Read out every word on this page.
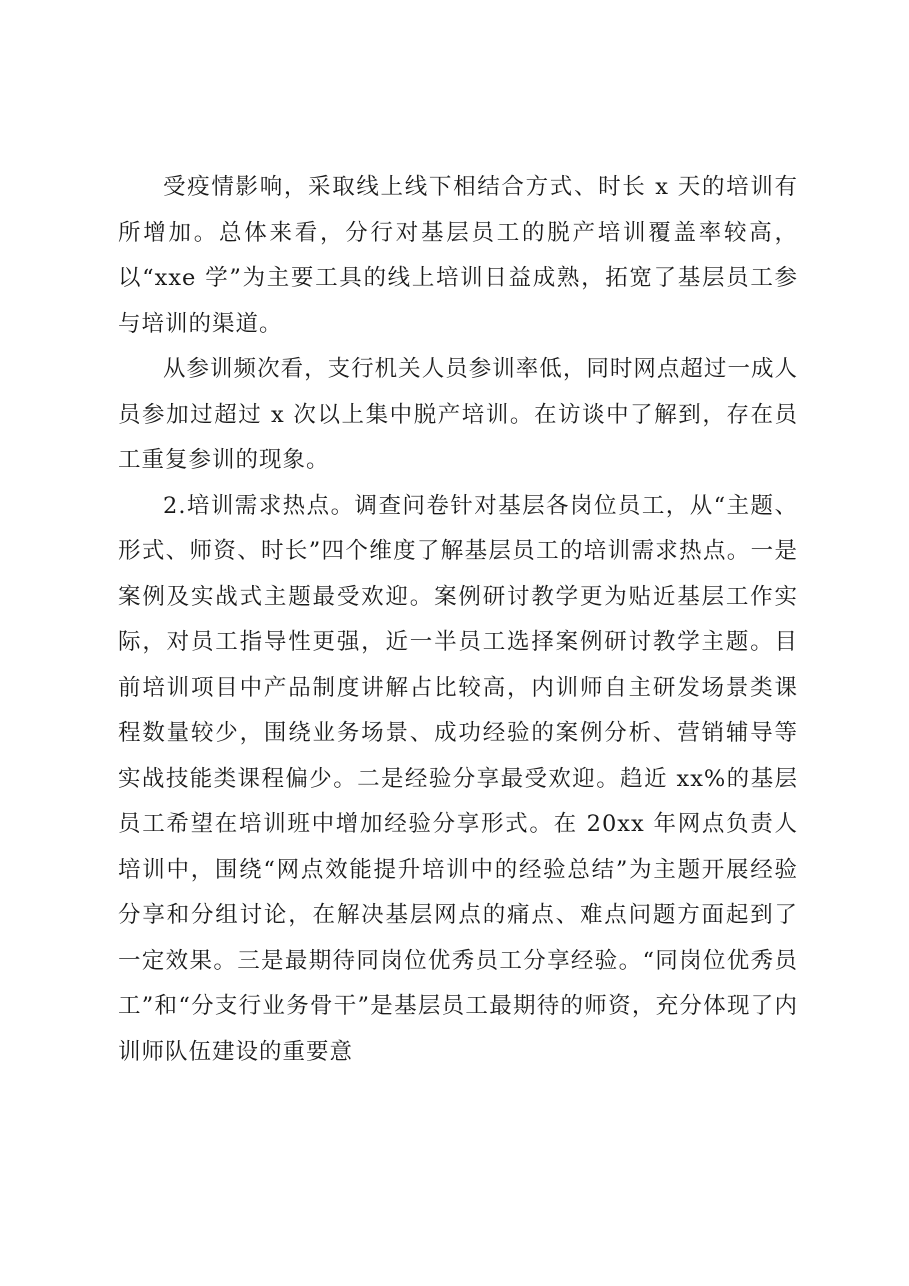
受疫情影响，采取线上线下相结合方式、时长 x 天的培训有所增加。总体来看，分行对基层员工的脱产培训覆盖率较高，以“xxe 学”为主要工具的线上培训日益成熟，拓宽了基层员工参与培训的渠道。

从参训频次看，支行机关人员参训率低，同时网点超过一成人员参加过超过 x 次以上集中脱产培训。在访谈中了解到，存在员工重复参训的现象。

2.培训需求热点。调查问卷针对基层各岗位员工，从“主题、形式、师资、时长”四个维度了解基层员工的培训需求热点。一是案例及实战式主题最受欢迎。案例研讨教学更为贴近基层工作实际，对员工指导性更强，近一半员工选择案例研讨教学主题。目前培训项目中产品制度讲解占比较高，内训师自主研发场景类课程数量较少，围绕业务场景、成功经验的案例分析、营销辅导等实战技能类课程偏少。二是经验分享最受欢迎。趋近 xx%的基层员工希望在培训班中增加经验分享形式。在 20xx 年网点负责人培训中，围绕“网点效能提升培训中的经验总结”为主题开展经验分享和分组讨论，在解决基层网点的痛点、难点问题方面起到了一定效果。三是最期待同岗位优秀员工分享经验。“同岗位优秀员工”和“分支行业务骨干”是基层员工最期待的师资，充分体现了内训师队伍建设的重要意
